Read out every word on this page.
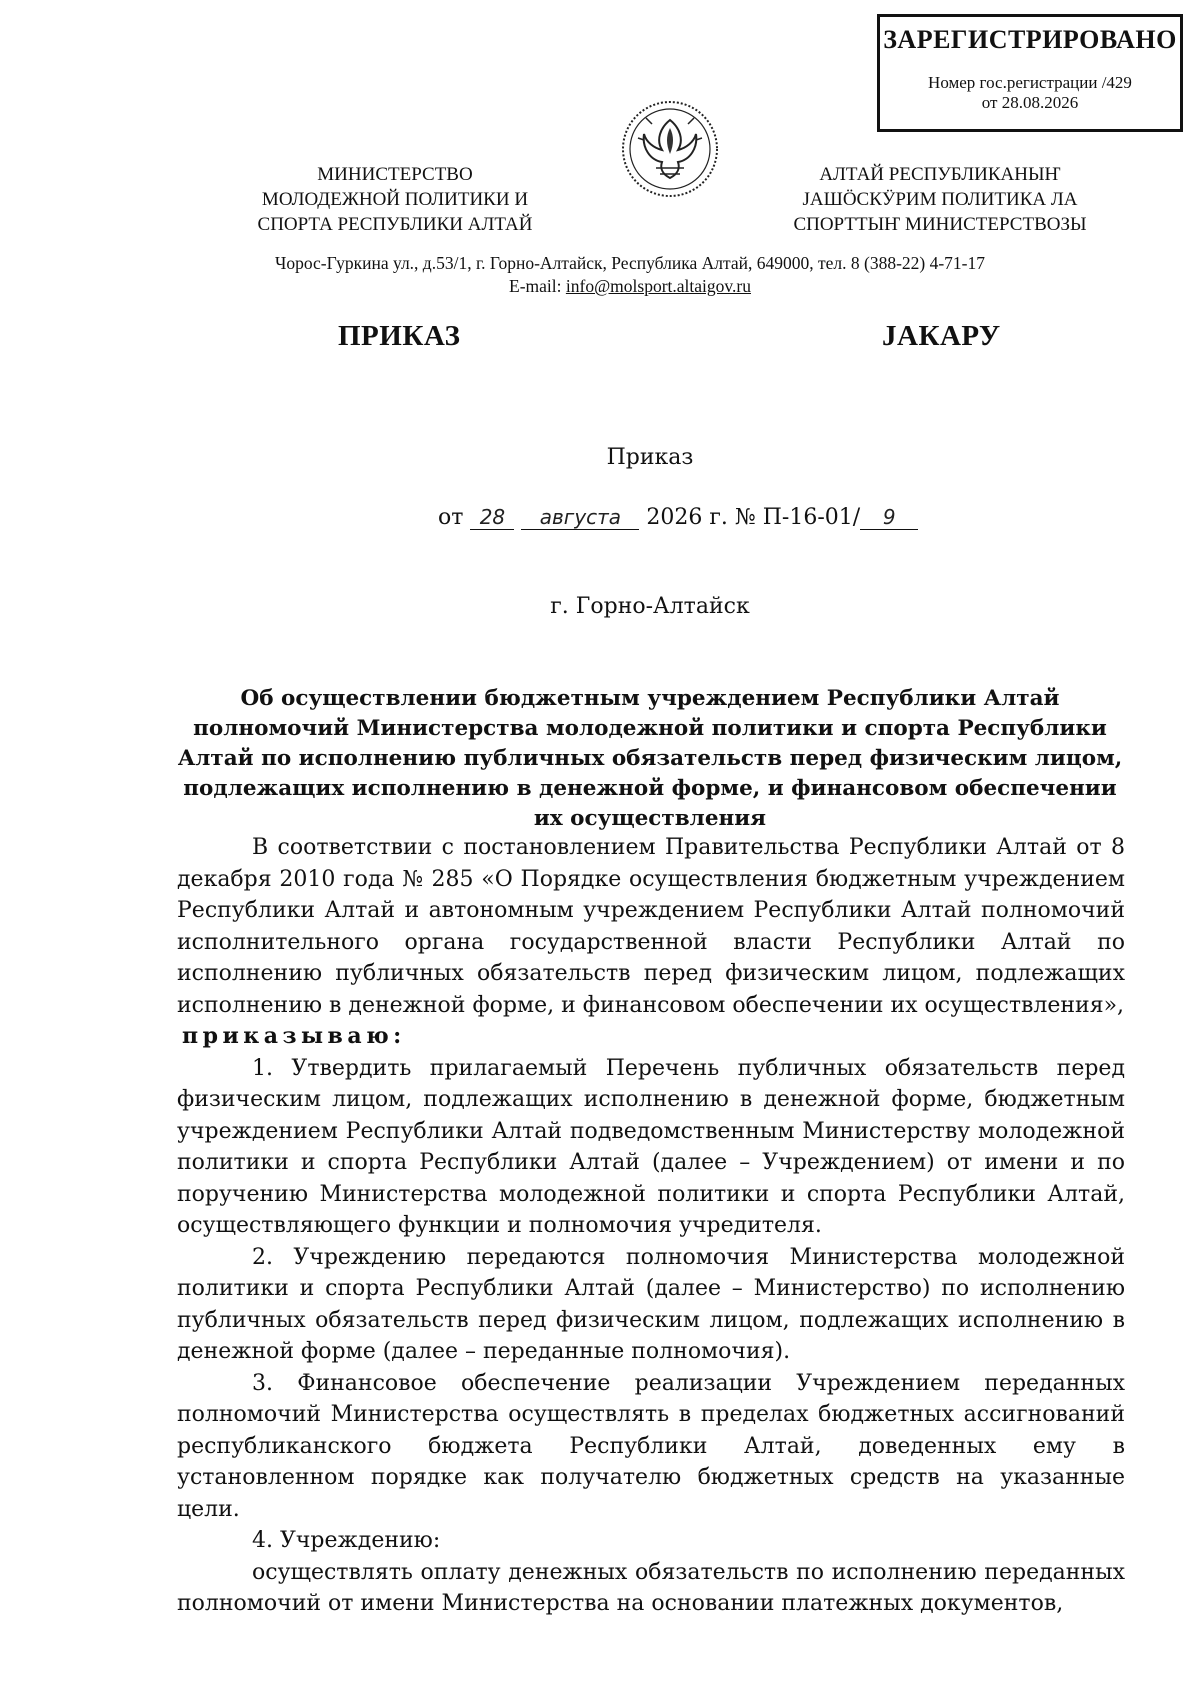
ЗАРЕГИСТРИРОВАНО
Номер гос.регистрации /429
от 28.08.2026
МИНИСТЕРСТВО
МОЛОДЕЖНОЙ ПОЛИТИКИ И
СПОРТА РЕСПУБЛИКИ АЛТАЙ
АЛТАЙ РЕСПУБЛИКАНЫҤ
ЈАШӦСКӰРИМ ПОЛИТИКА ЛА
СПОРТТЫҤ МИНИСТЕРСТВОЗЫ
Чорос-Гуркина ул., д.53/1, г. Горно-Алтайск, Республика Алтай, 649000, тел. 8 (388-22) 4-71-17
E-mail: info@molsport.altaigov.ru
ПРИКАЗ	ЈАКАРУ
Приказ
от 28 августа 2026 г. № П-16-01/ 9
г. Горно-Алтайск
Об осуществлении бюджетным учреждением Республики Алтай полномочий Министерства молодежной политики и спорта Республики Алтай по исполнению публичных обязательств перед физическим лицом, подлежащих исполнению в денежной форме, и финансовом обеспечении их осуществления

В соответствии с постановлением Правительства Республики Алтай от 8 декабря 2010 года № 285 «О Порядке осуществления бюджетным учреждением Республики Алтай и автономным учреждением Республики Алтай полномочий исполнительного органа государственной власти Республики Алтай по исполнению публичных обязательств перед физическим лицом, подлежащих исполнению в денежной форме, и финансовом обеспечении их осуществления»,

приказываю:

1. Утвердить прилагаемый Перечень публичных обязательств перед физическим лицом, подлежащих исполнению в денежной форме, бюджетным учреждением Республики Алтай подведомственным Министерству молодежной политики и спорта Республики Алтай (далее – Учреждением) от имени и по поручению Министерства молодежной политики и спорта Республики Алтай, осуществляющего функции и полномочия учредителя.

2. Учреждению передаются полномочия Министерства молодежной политики и спорта Республики Алтай (далее – Министерство) по исполнению публичных обязательств перед физическим лицом, подлежащих исполнению в денежной форме (далее – переданные полномочия).

3. Финансовое обеспечение реализации Учреждением переданных полномочий Министерства осуществлять в пределах бюджетных ассигнований республиканского бюджета Республики Алтай, доведенных ему в установленном порядке как получателю бюджетных средств на указанные цели.

4. Учреждению:

осуществлять оплату денежных обязательств по исполнению переданных полномочий от имени Министерства на основании платежных документов,
